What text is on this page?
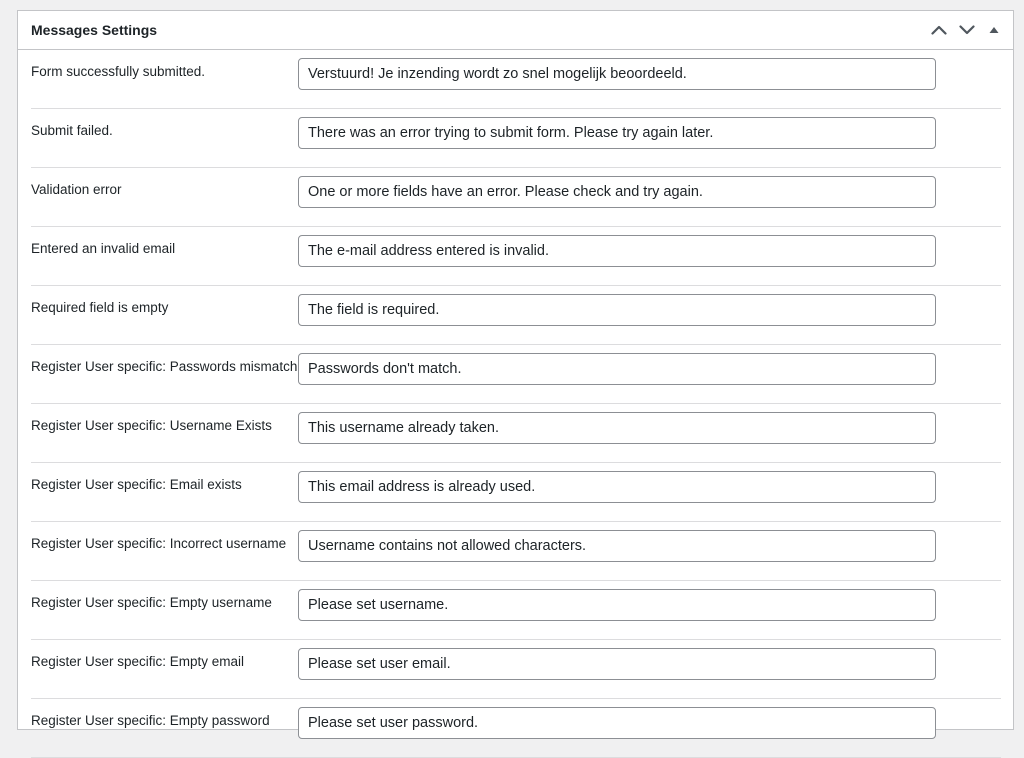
Messages Settings
Form successfully submitted.	
Verstuurd! Je inzending wordt zo snel mogelijk beoordeeld.
Submit failed.	
There was an error trying to submit form. Please try again later.
Validation error	
One or more fields have an error. Please check and try again.
Entered an invalid email	
The e-mail address entered is invalid.
Required field is empty	
The field is required.
Register User specific: Passwords mismatch	
Passwords don't match.
Register User specific: Username Exists	
This username already taken.
Register User specific: Email exists	
This email address is already used.
Register User specific: Incorrect username	
Username contains not allowed characters.
Register User specific: Empty username	
Please set username.
Register User specific: Empty email	
Please set user email.
Register User specific: Empty password	
Please set user password.
